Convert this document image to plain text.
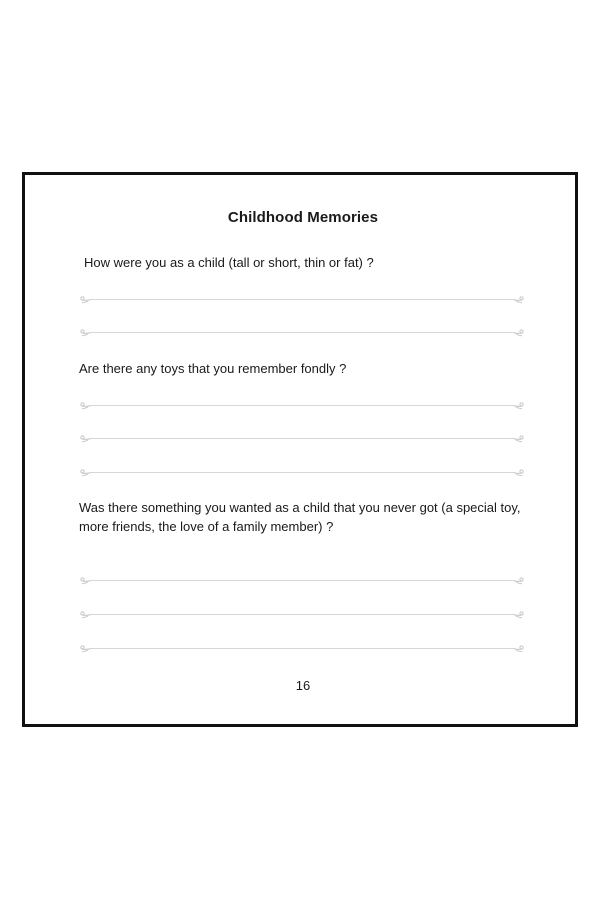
Childhood Memories
How were you as a child (tall or short, thin or fat) ?
Are there any toys that you remember fondly ?
Was there something you wanted as a child that you never got (a special toy, more friends, the love of a family member) ?
16
